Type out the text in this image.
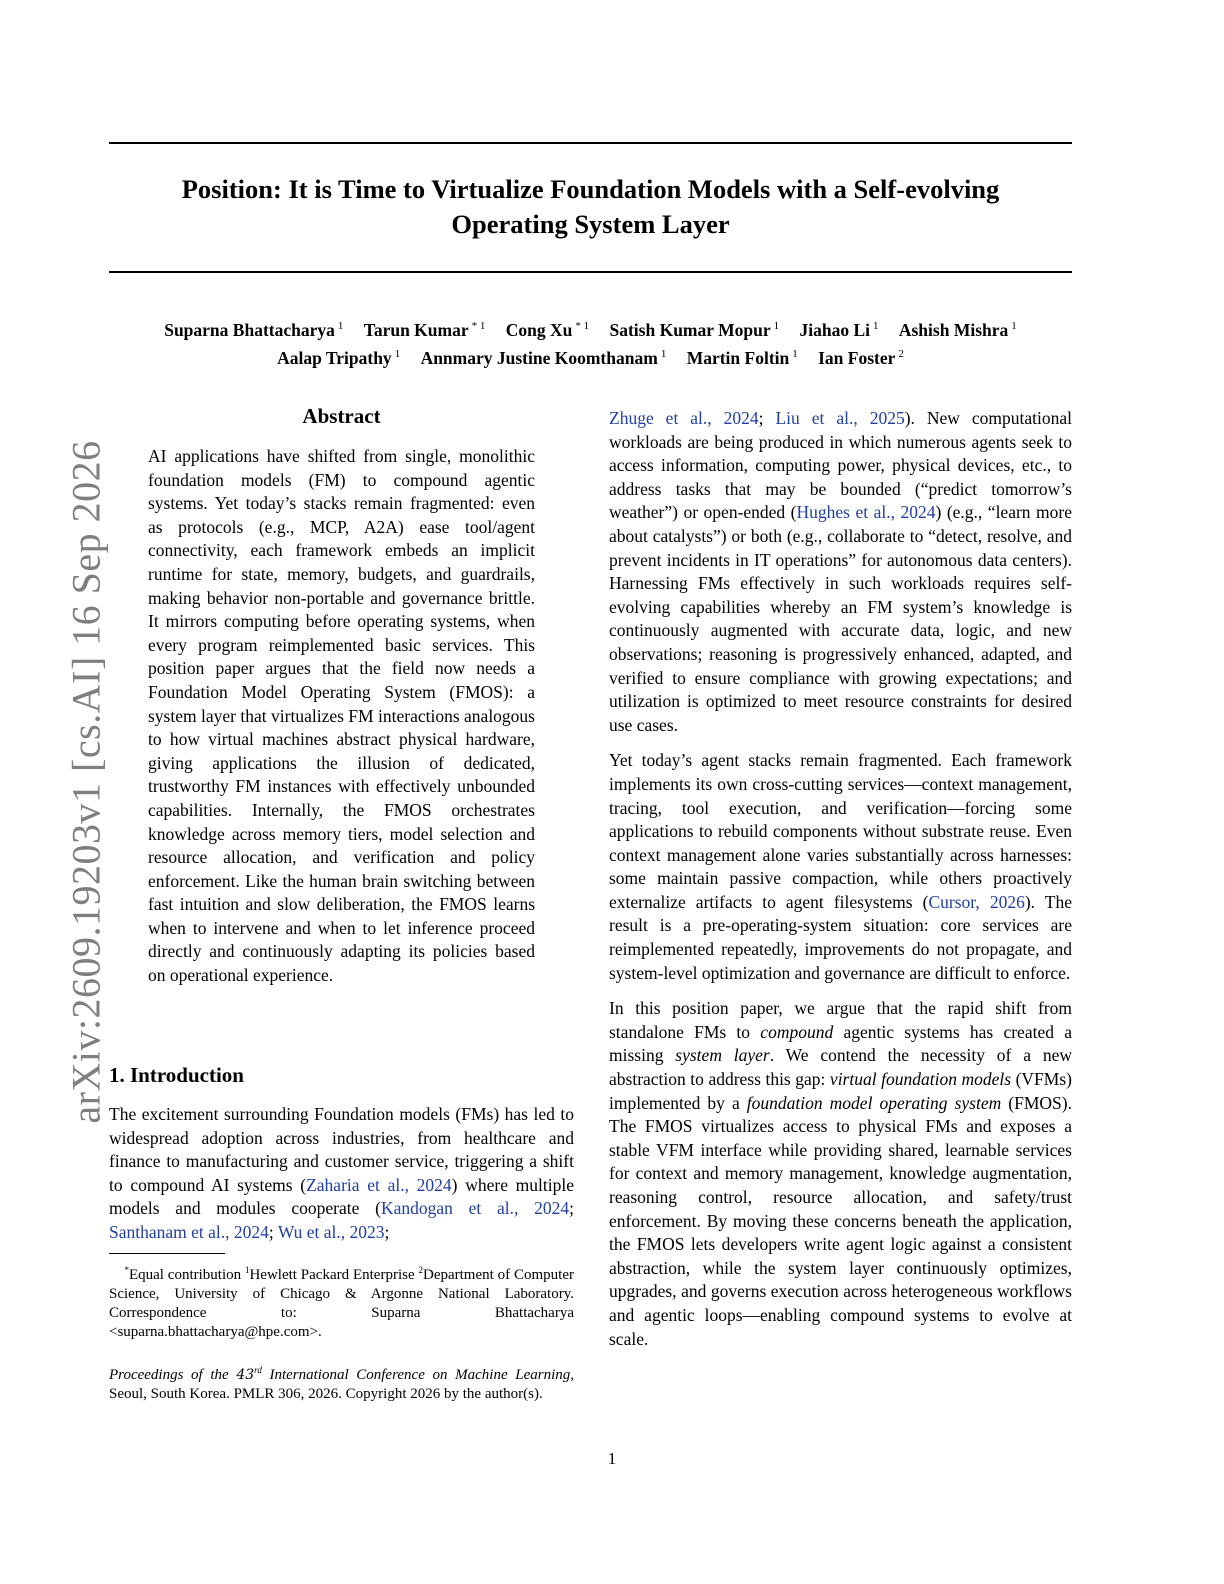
arXiv:2609.19203v1 [cs.AI] 16 Sep 2026
Position: It is Time to Virtualize Foundation Models with a Self-evolving
Operating System Layer
Suparna Bhattacharya $^1$ Tarun Kumar $^{* 1}$ Cong Xu $^{* 1}$ Satish Kumar Mopur $^1$ Jiahao Li $^1$ Ashish Mishra $^1$
Aalap Tripathy $^1$ Annmary Justine Koomthanam $^1$ Martin Foltin $^1$ Ian Foster $^2$
Abstract

AI applications have shifted from single, monolithic foundation models (FM) to compound agentic systems. Yet today’s stacks remain fragmented: even as protocols (e.g., MCP, A2A) ease tool/agent connectivity, each framework embeds an implicit runtime for state, memory, budgets, and guardrails, making behavior non-portable and governance brittle. It mirrors computing before operating systems, when every program reimplemented basic services. This position paper argues that the field now needs a Foundation Model Operating System (FMOS): a system layer that virtualizes FM interactions analogous to how virtual machines abstract physical hardware, giving applications the illusion of dedicated, trustworthy FM instances with effectively unbounded capabilities. Internally, the FMOS orchestrates knowledge across memory tiers, model selection and resource allocation, and verification and policy enforcement. Like the human brain switching between fast intuition and slow deliberation, the FMOS learns when to intervene and when to let inference proceed directly and continuously adapting its policies based on operational experience.

1. Introduction

The excitement surrounding Foundation models (FMs) has led to widespread adoption across industries, from healthcare and finance to manufacturing and customer service, triggering a shift to compound AI systems (Zaharia et al., 2024) where multiple models and modules cooperate (Kandogan et al., 2024; Santhanam et al., 2024; Wu et al., 2023;

*Equal contribution $^1$Hewlett Packard Enterprise $^2$Department of Computer Science, University of Chicago & Argonne National Laboratory. Correspondence to: Suparna Bhattacharya <suparna.bhattacharya@hpe.com>.
Proceedings of the 43rd International Conference on Machine Learning, Seoul, South Korea. PMLR 306, 2026. Copyright 2026 by the author(s).

Zhuge et al., 2024; Liu et al., 2025). New computational workloads are being produced in which numerous agents seek to access information, computing power, physical devices, etc., to address tasks that may be bounded (“predict tomorrow’s weather”) or open-ended (Hughes et al., 2024) (e.g., “learn more about catalysts”) or both (e.g., collaborate to “detect, resolve, and prevent incidents in IT operations” for autonomous data centers). Harnessing FMs effectively in such workloads requires self-evolving capabilities whereby an FM system’s knowledge is continuously augmented with accurate data, logic, and new observations; reasoning is progressively enhanced, adapted, and verified to ensure compliance with growing expectations; and utilization is optimized to meet resource constraints for desired use cases.

Yet today’s agent stacks remain fragmented. Each framework implements its own cross-cutting services—context management, tracing, tool execution, and verification—forcing some applications to rebuild components without substrate reuse. Even context management alone varies substantially across harnesses: some maintain passive compaction, while others proactively externalize artifacts to agent filesystems (Cursor, 2026). The result is a pre-operating-system situation: core services are reimplemented repeatedly, improvements do not propagate, and system-level optimization and governance are difficult to enforce.

In this position paper, we argue that the rapid shift from standalone FMs to compound agentic systems has created a missing system layer. We contend the necessity of a new abstraction to address this gap: virtual foundation models (VFMs) implemented by a foundation model operating system (FMOS). The FMOS virtualizes access to physical FMs and exposes a stable VFM interface while providing shared, learnable services for context and memory management, knowledge augmentation, reasoning control, resource allocation, and safety/trust enforcement. By moving these concerns beneath the application, the FMOS lets developers write agent logic against a consistent abstraction, while the system layer continuously optimizes, upgrades, and governs execution across heterogeneous workflows and agentic loops—enabling compound systems to evolve at scale.

1
